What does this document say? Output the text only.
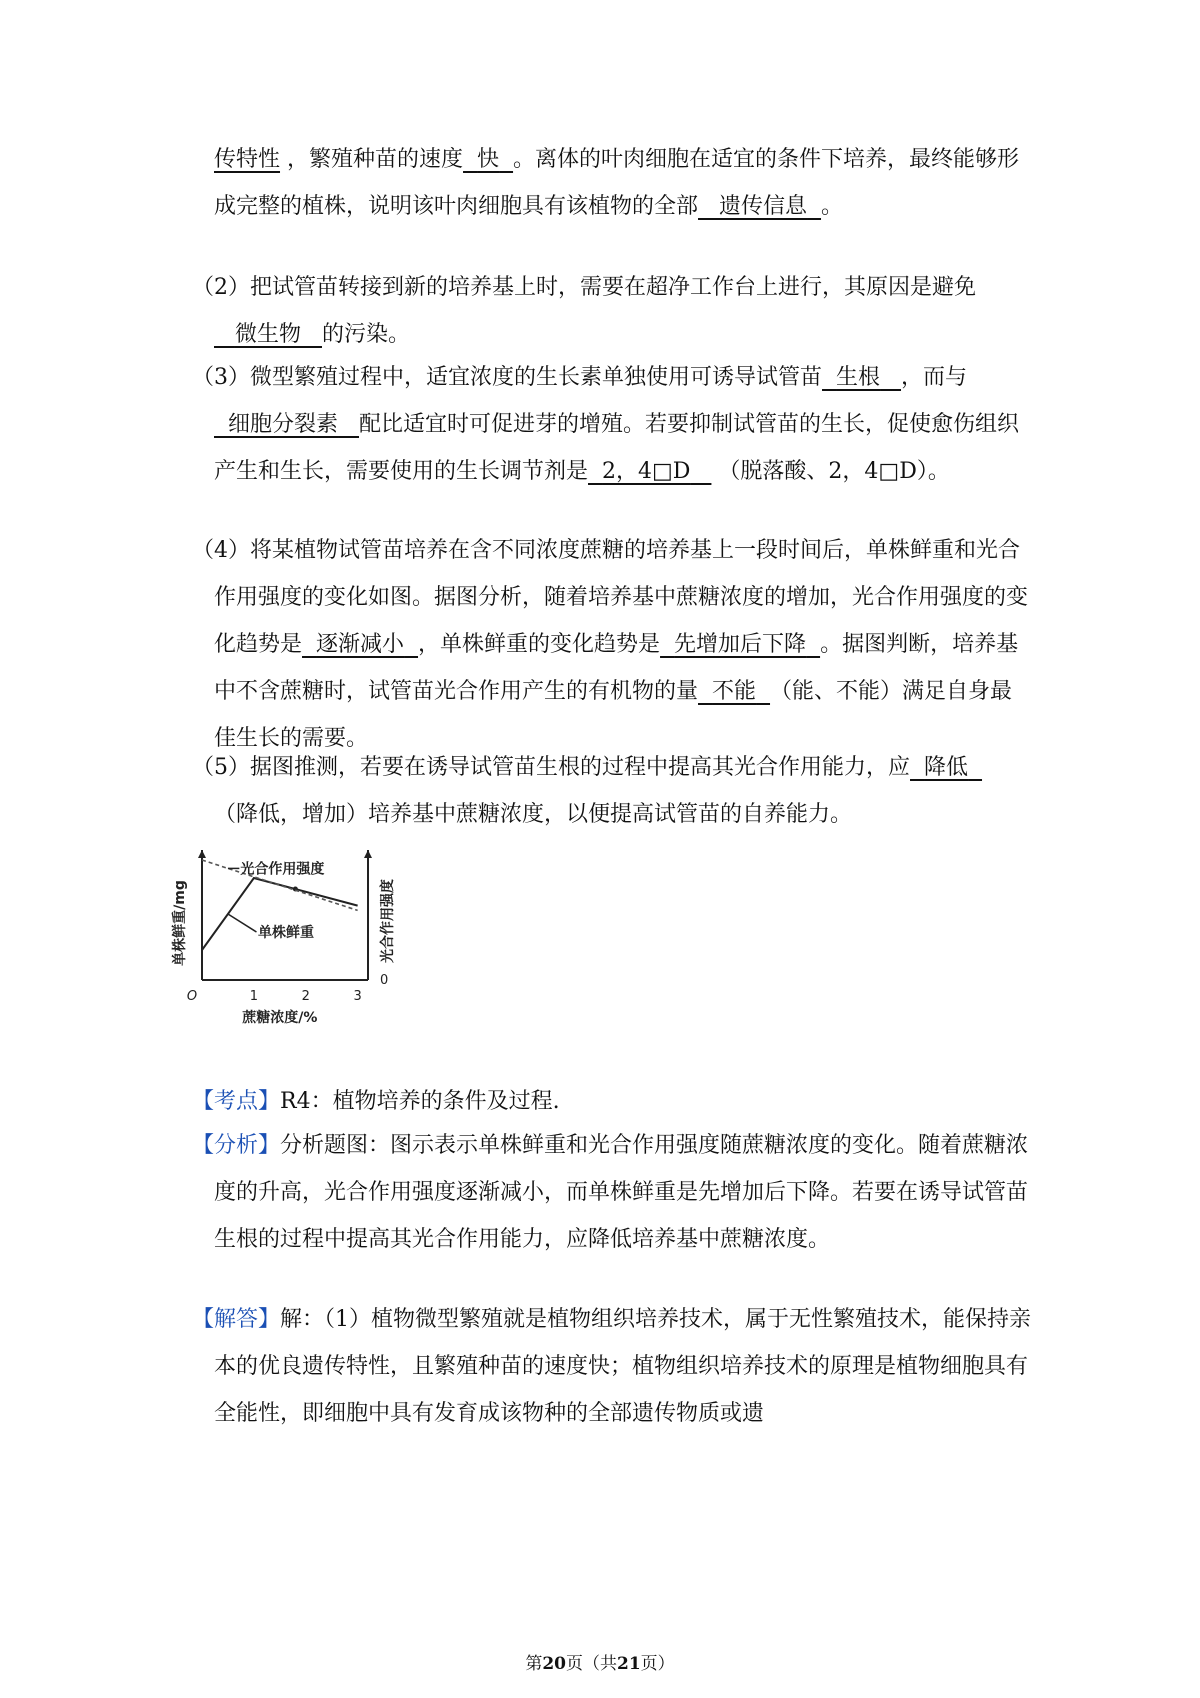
传特性 ，繁殖种苗的速度 快 。离体的叶肉细胞在适宜的条件下培养，最终能够形成完整的植株，说明该叶肉细胞具有该植物的全部 遗传信息 。

（2）把试管苗转接到新的培养基上时，需要在超净工作台上进行，其原因是避免   微生物 的污染。

（3）微型繁殖过程中，适宜浓度的生长素单独使用可诱导试管苗 生根 ，而与  细胞分裂素 配比适宜时可促进芽的增殖。若要抑制试管苗的生长，促使愈伤组织产生和生长，需要使用的生长调节剂是 2，4□D （脱落酸、2，4□D）。

（4）将某植物试管苗培养在含不同浓度蔗糖的培养基上一段时间后，单株鲜重和光合作用强度的变化如图。据图分析，随着培养基中蔗糖浓度的增加，光合作用强度的变化趋势是 逐渐减小 ，单株鲜重的变化趋势是 先增加后下降 。据图判断，培养基中不含蔗糖时，试管苗光合作用产生的有机物的量 不能 （能、不能）满足自身最佳生长的需要。

（5）据图推测，若要在诱导试管苗生根的过程中提高其光合作用能力，应 降低   （降低，增加）培养基中蔗糖浓度，以便提高试管苗的自养能力。

1	2	3
O
0
蔗糖浓度/%
单株鲜重/mg	光合作用强度
光合作用强度
单株鲜重

【考点】R4：植物培养的条件及过程.

【分析】分析题图：图示表示单株鲜重和光合作用强度随蔗糖浓度的变化。随着蔗糖浓度的升高，光合作用强度逐渐减小，而单株鲜重是先增加后下降。若要在诱导试管苗生根的过程中提高其光合作用能力，应降低培养基中蔗糖浓度。

【解答】解：（1）植物微型繁殖就是植物组织培养技术，属于无性繁殖技术，能保持亲本的优良遗传特性，且繁殖种苗的速度快；植物组织培养技术的原理是植物细胞具有全能性，即细胞中具有发育成该物种的全部遗传物质或遗

第20页（共21页）
